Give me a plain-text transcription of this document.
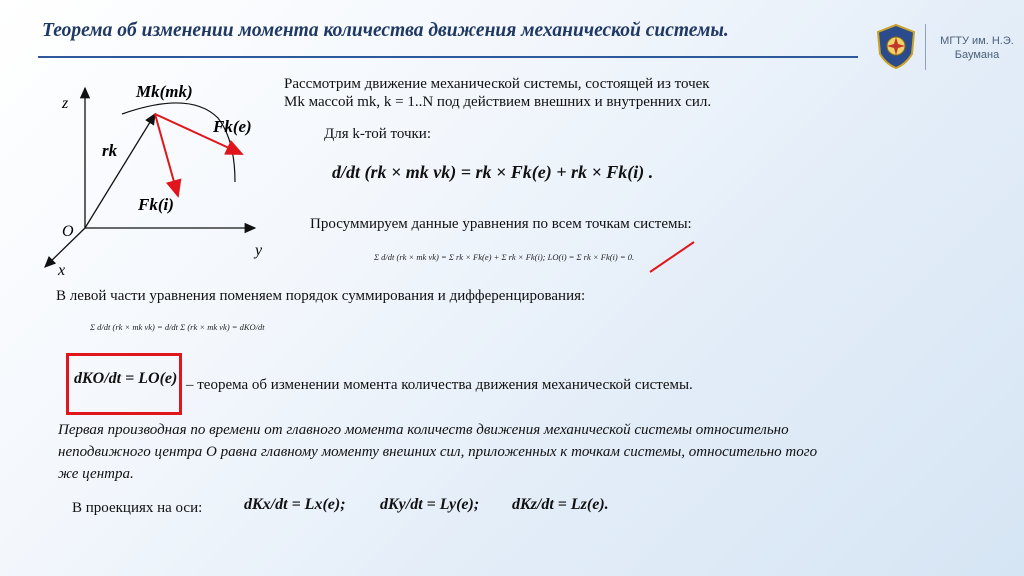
Теорема об изменении момента количества движения механической системы.	МГТУ им. Н.Э.
Баумана
z
y
x
O
Mk(mk)
rk
Fk(e)
Fk(i)
Рассмотрим движение механической системы, состоящей из точек
Mk массой mk, k = 1..N под действием внешних и внутренних сил.
Для k-той точки:
d/dt (rk × mk vk) = rk × Fk(e) + rk × Fk(i) .
Просуммируем данные уравнения по всем точкам системы:
Σ d/dt (rk × mk vk) = Σ rk × Fk(e) + Σ rk × Fk(i); LO(i) = Σ rk × Fk(i) = 0.
В левой части уравнения поменяем порядок суммирования и дифференцирования:
Σ d/dt (rk × mk vk) = d/dt Σ (rk × mk vk) = dKO/dt
dKO/dt = LO(e) – теорема об изменении момента количества движения механической системы.
Первая производная по времени от главного момента количеств движения механической системы относительно неподвижного центра О равна главному моменту внешних сил, приложенных к точкам системы, относительно того же центра.
В проекциях на оси:	dKx/dt = Lx(e); dKy/dt = Ly(e); dKz/dt = Lz(e).
